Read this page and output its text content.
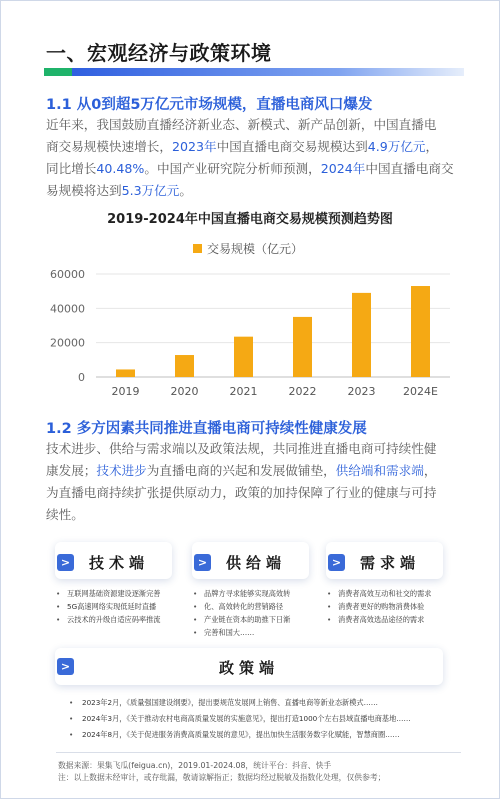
一、宏观经济与政策环境
1.1 从0到超5万亿元市场规模，直播电商风口爆发
近年来，我国鼓励直播经济新业态、新模式、新产品创新，中国直播电
商交易规模快速增长，2023年中国直播电商交易规模达到4.9万亿元，
同比增长40.48%。中国产业研究院分析师预测，2024年中国直播电商交
易规模将达到5.3万亿元。
2019-2024年中国直播电商交易规模预测趋势图
交易规模（亿元）
0
20000
40000
60000
2019	2020	2021	2022	2023	2024E
1.2 多方因素共同推进直播电商可持续性健康发展
技术进步、供给与需求端以及政策法规，共同推进直播电商可持续性健
康发展；技术进步为直播电商的兴起和发展做铺垫，供给端和需求端，
为直播电商持续扩张提供原动力，政策的加持保障了行业的健康与可持
续性。
> 技术端
• 互联网基础资源建设逐渐完善
• 5G高速网络实现低延时直播
• 云技术的升级自适应码率推流
> 供给端
• 品牌方寻求能够实现高效转
• 化、高效转化的营销路径
• 产业链在资本的助推下日渐
• 完善和国大……
> 需求端
• 消费者高效互动和社交的需求
• 消费者更好的购物消费体验
• 消费者高效选品途径的需求
>	政策端
• 2023年2月，《质量强国建设纲要》，提出要规范发展网上销售、直播电商等新业态新模式……
• 2024年3月，《关于推动农村电商高质量发展的实施意见》，提出打造1000个左右县域直播电商基地……
• 2024年8月，《关于促进服务消费高质量发展的意见》，提出加快生活服务数字化赋能，智慧商圈……
数据来源：果集飞瓜(feigua.cn)，2019.01-2024.08，统计平台：抖音、快手
注：以上数据未经审计，或存纰漏，敬请谅解指正；数据均经过脱敏及指数化处理，仅供参考；
